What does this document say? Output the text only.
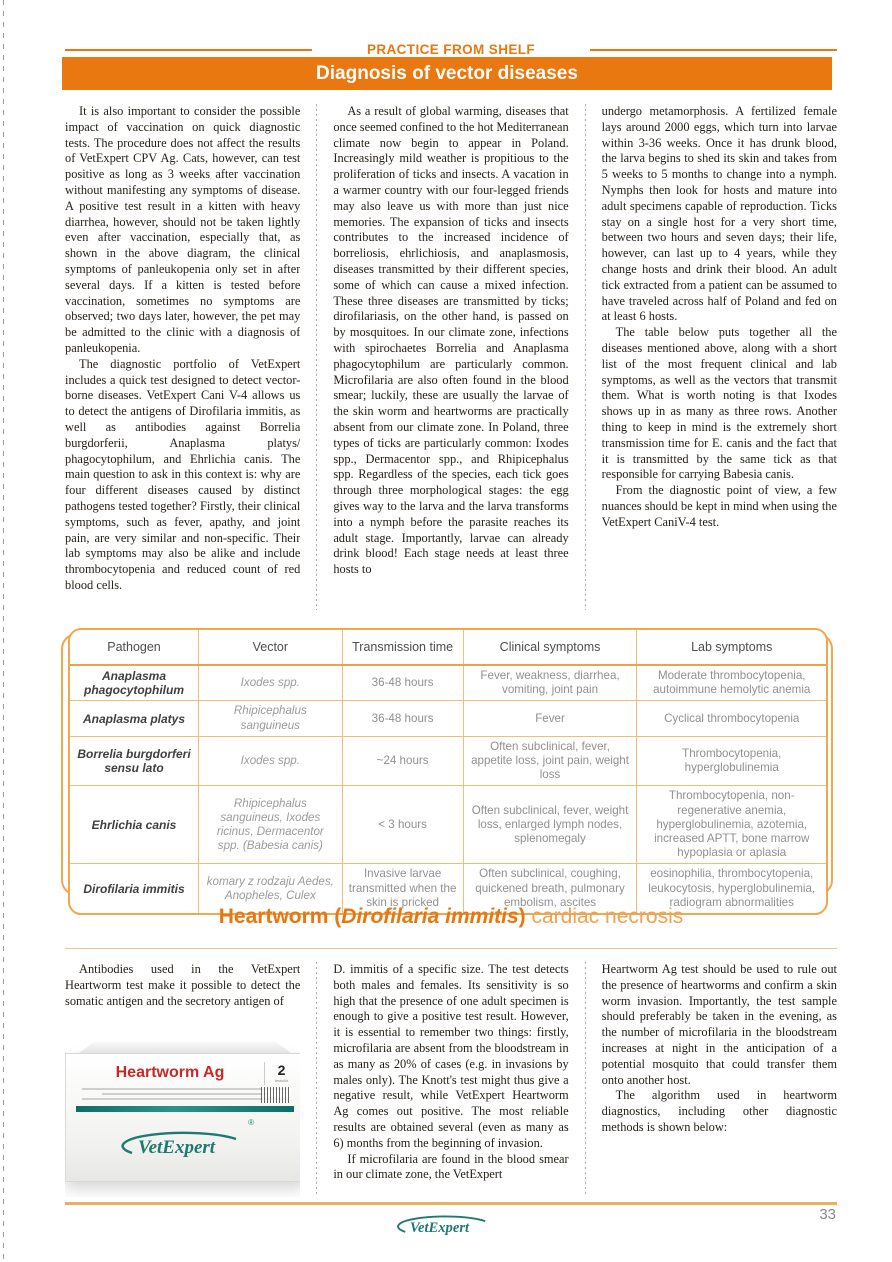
PRACTICE FROM SHELF
Diagnosis of vector diseases

It is also important to consider the possible impact of vaccination on quick diagnostic tests. The procedure does not affect the results of VetExpert CPV Ag. Cats, however, can test positive as long as 3 weeks after vaccination without manifesting any symptoms of disease. A positive test result in a kitten with heavy diarrhea, however, should not be taken lightly even after vaccination, especially that, as shown in the above diagram, the clinical symptoms of panleukopenia only set in after several days. If a kitten is tested before vaccination, sometimes no symptoms are observed; two days later, however, the pet may be admitted to the clinic with a diagnosis of panleukopenia.

The diagnostic portfolio of VetExpert includes a quick test designed to detect vector-borne diseases. VetExpert Cani V-4 allows us to detect the antigens of Dirofilaria immitis, as well as antibodies against Borrelia burgdorferii, Anaplasma platys/ phagocytophilum, and Ehrlichia canis. The main question to ask in this context is: why are four different diseases caused by distinct pathogens tested together? Firstly, their clinical symptoms, such as fever, apathy, and joint pain, are very similar and non-specific. Their lab symptoms may also be alike and include thrombocytopenia and reduced count of red blood cells.

As a result of global warming, diseases that once seemed confined to the hot Mediterranean climate now begin to appear in Poland. Increasingly mild weather is propitious to the proliferation of ticks and insects. A vacation in a warmer country with our four-legged friends may also leave us with more than just nice memories. The expansion of ticks and insects contributes to the increased incidence of borreliosis, ehrlichiosis, and anaplasmosis, diseases transmitted by their different species, some of which can cause a mixed infection. These three diseases are transmitted by ticks; dirofilariasis, on the other hand, is passed on by mosquitoes. In our climate zone, infections with spirochaetes Borrelia and Anaplasma phagocytophilum are particularly common. Microfilaria are also often found in the blood smear; luckily, these are usually the larvae of the skin worm and heartworms are practically absent from our climate zone. In Poland, three types of ticks are particularly common: Ixodes spp., Dermacentor spp., and Rhipicephalus spp. Regardless of the species, each tick goes through three morphological stages: the egg gives way to the larva and the larva transforms into a nymph before the parasite reaches its adult stage. Importantly, larvae can already drink blood! Each stage needs at least three hosts to

undergo metamorphosis. A fertilized female lays around 2000 eggs, which turn into larvae within 3-36 weeks. Once it has drunk blood, the larva begins to shed its skin and takes from 5 weeks to 5 months to change into a nymph. Nymphs then look for hosts and mature into adult specimens capable of reproduction. Ticks stay on a single host for a very short time, between two hours and seven days; their life, however, can last up to 4 years, while they change hosts and drink their blood. An adult tick extracted from a patient can be assumed to have traveled across half of Poland and fed on at least 6 hosts.

The table below puts together all the diseases mentioned above, along with a short list of the most frequent clinical and lab symptoms, as well as the vectors that transmit them. What is worth noting is that Ixodes shows up in as many as three rows. Another thing to keep in mind is the extremely short transmission time for E. canis and the fact that it is transmitted by the same tick as that responsible for carrying Babesia canis.

From the diagnostic point of view, a few nuances should be kept in mind when using the VetExpert CaniV-4 test.

Pathogen	Vector	Transmission time	Clinical symptoms	Lab symptoms
Anaplasma phagocytophilum	Ixodes spp.	36-48 hours	Fever, weakness, diarrhea, vomiting, joint pain	Moderate thrombocytopenia, autoimmune hemolytic anemia
Anaplasma platys	Rhipicephalus sanguineus	36-48 hours	Fever	Cyclical thrombocytopenia
Borrelia burgdorferi sensu lato	Ixodes spp.	~24 hours	Often subclinical, fever, appetite loss, joint pain, weight loss	Thrombocytopenia, hyperglobulinemia
Ehrlichia canis	Rhipicephalus sanguineus, Ixodes ricinus, Dermacentor spp. (Babesia canis)	< 3 hours	Often subclinical, fever, weight loss, enlarged lymph nodes, splenomegaly	Thrombocytopenia, non-regenerative anemia, hyperglobulinemia, azotemia, increased APTT, bone marrow hypoplasia or aplasia
Dirofilaria immitis	komary z rodzaju Aedes, Anopheles, Culex	Invasive larvae transmitted when the skin is pricked	Often subclinical, coughing, quickened breath, pulmonary embolism, ascites	eosinophilia, thrombocytopenia, leukocytosis, hyperglobulinemia, radiogram abnormalities
Heartworm (Dirofilaria immitis) cardiac necrosis

Antibodies used in the VetExpert Heartworm test make it possible to detect the somatic antigen and the secretory antigen of

Heartworm Ag	2
tests/kit
®
VetExpert

D. immitis of a specific size. The test detects both males and females. Its sensitivity is so high that the presence of one adult specimen is enough to give a positive test result. However, it is essential to remember two things: firstly, microfilaria are absent from the bloodstream in as many as 20% of cases (e.g. in invasions by males only). The Knott's test might thus give a negative result, while VetExpert Heartworm Ag comes out positive. The most reliable results are obtained several (even as many as 6) months from the beginning of invasion.

If microfilaria are found in the blood smear in our climate zone, the VetExpert

Heartworm Ag test should be used to rule out the presence of heartworms and confirm a skin worm invasion. Importantly, the test sample should preferably be taken in the evening, as the number of microfilaria in the bloodstream increases at night in the anticipation of a potential mosquito that could transfer them onto another host.

The algorithm used in heartworm diagnostics, including other diagnostic methods is shown below:

VetExpert
33
